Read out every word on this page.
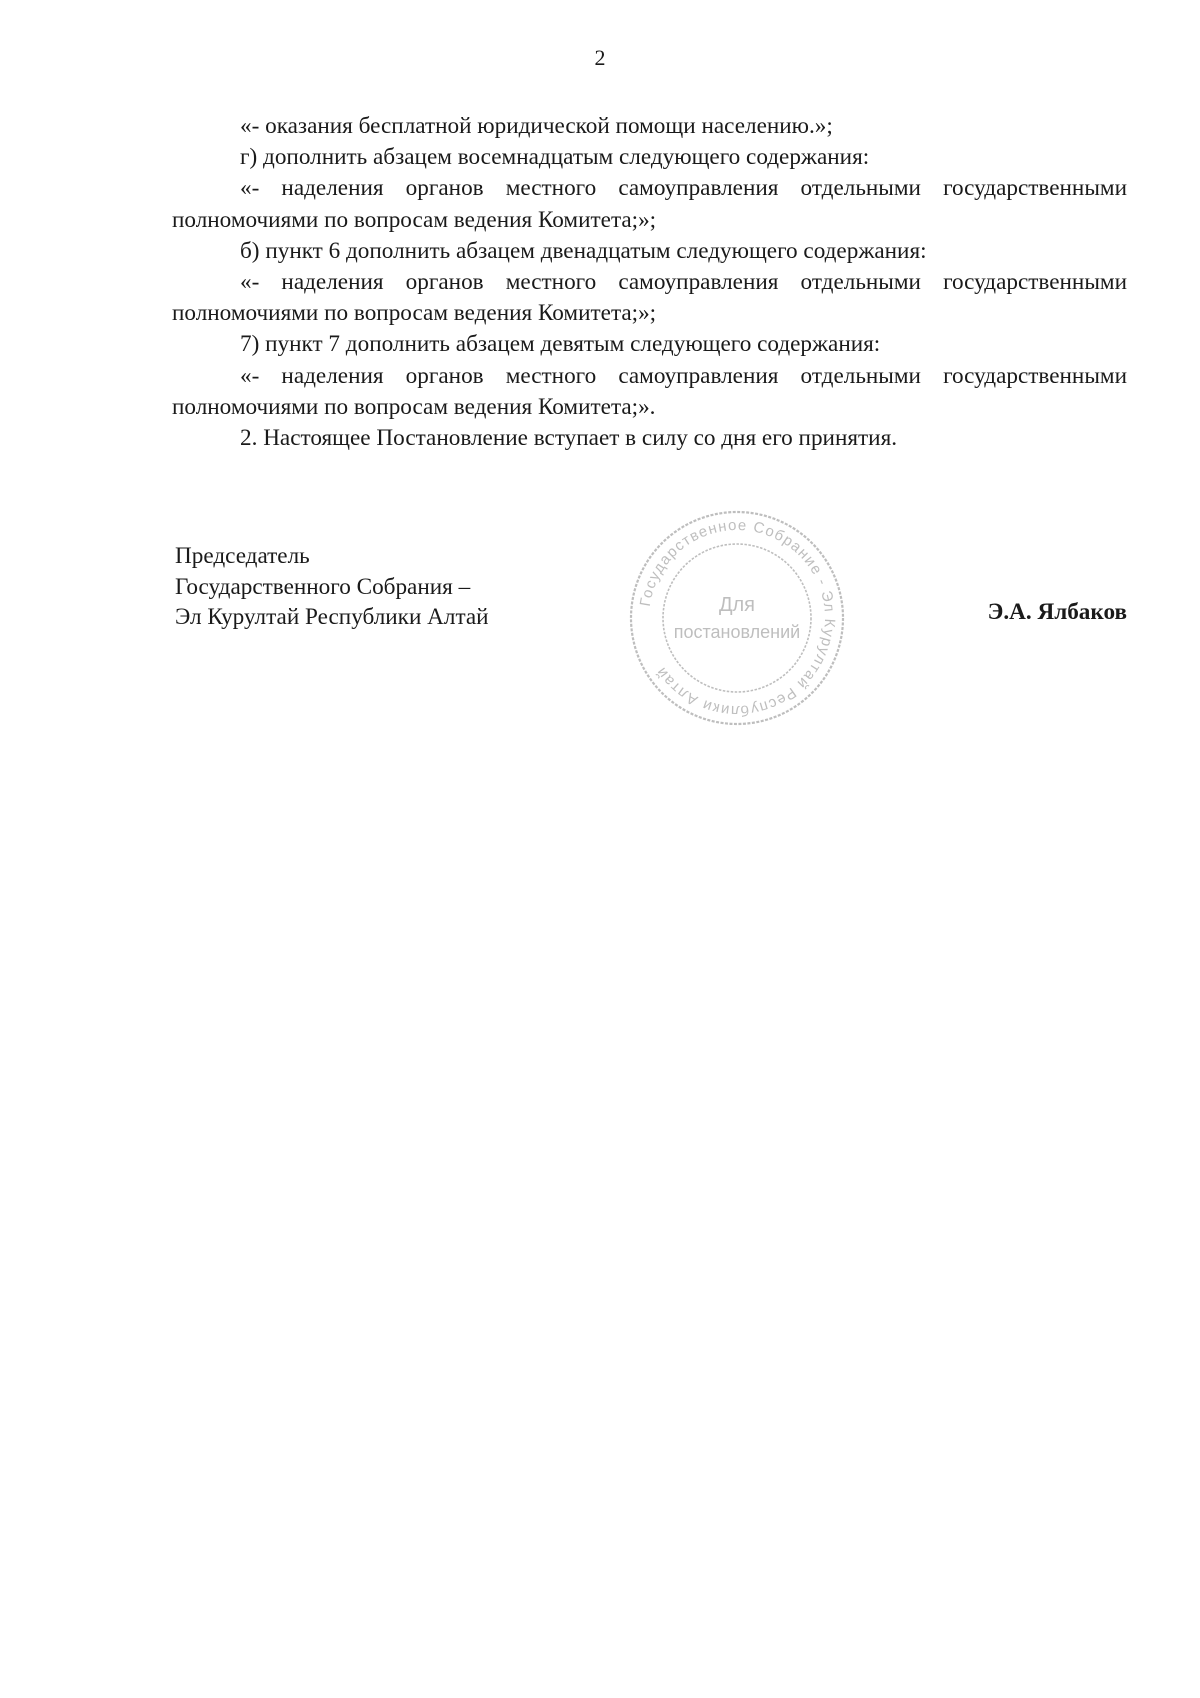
2

«- оказания бесплатной юридической помощи населению.»;

г) дополнить абзацем восемнадцатым следующего содержания:

«- наделения органов местного самоуправления отдельными государственными полномочиями по вопросам ведения Комитета;»;

б) пункт 6 дополнить абзацем двенадцатым следующего содержания:

«- наделения органов местного самоуправления отдельными государственными полномочиями по вопросам ведения Комитета;»;

7) пункт 7 дополнить абзацем девятым следующего содержания:

«- наделения органов местного самоуправления отдельными государственными полномочиями по вопросам ведения Комитета;».

2. Настоящее Постановление вступает в силу со дня его принятия.

Председатель
Государственного Собрания –
Эл Курултай Республики Алтай
Государственное Собрание - Эл Курултай Республики Алтай
Для
постановлений
Э.А. Ялбаков
